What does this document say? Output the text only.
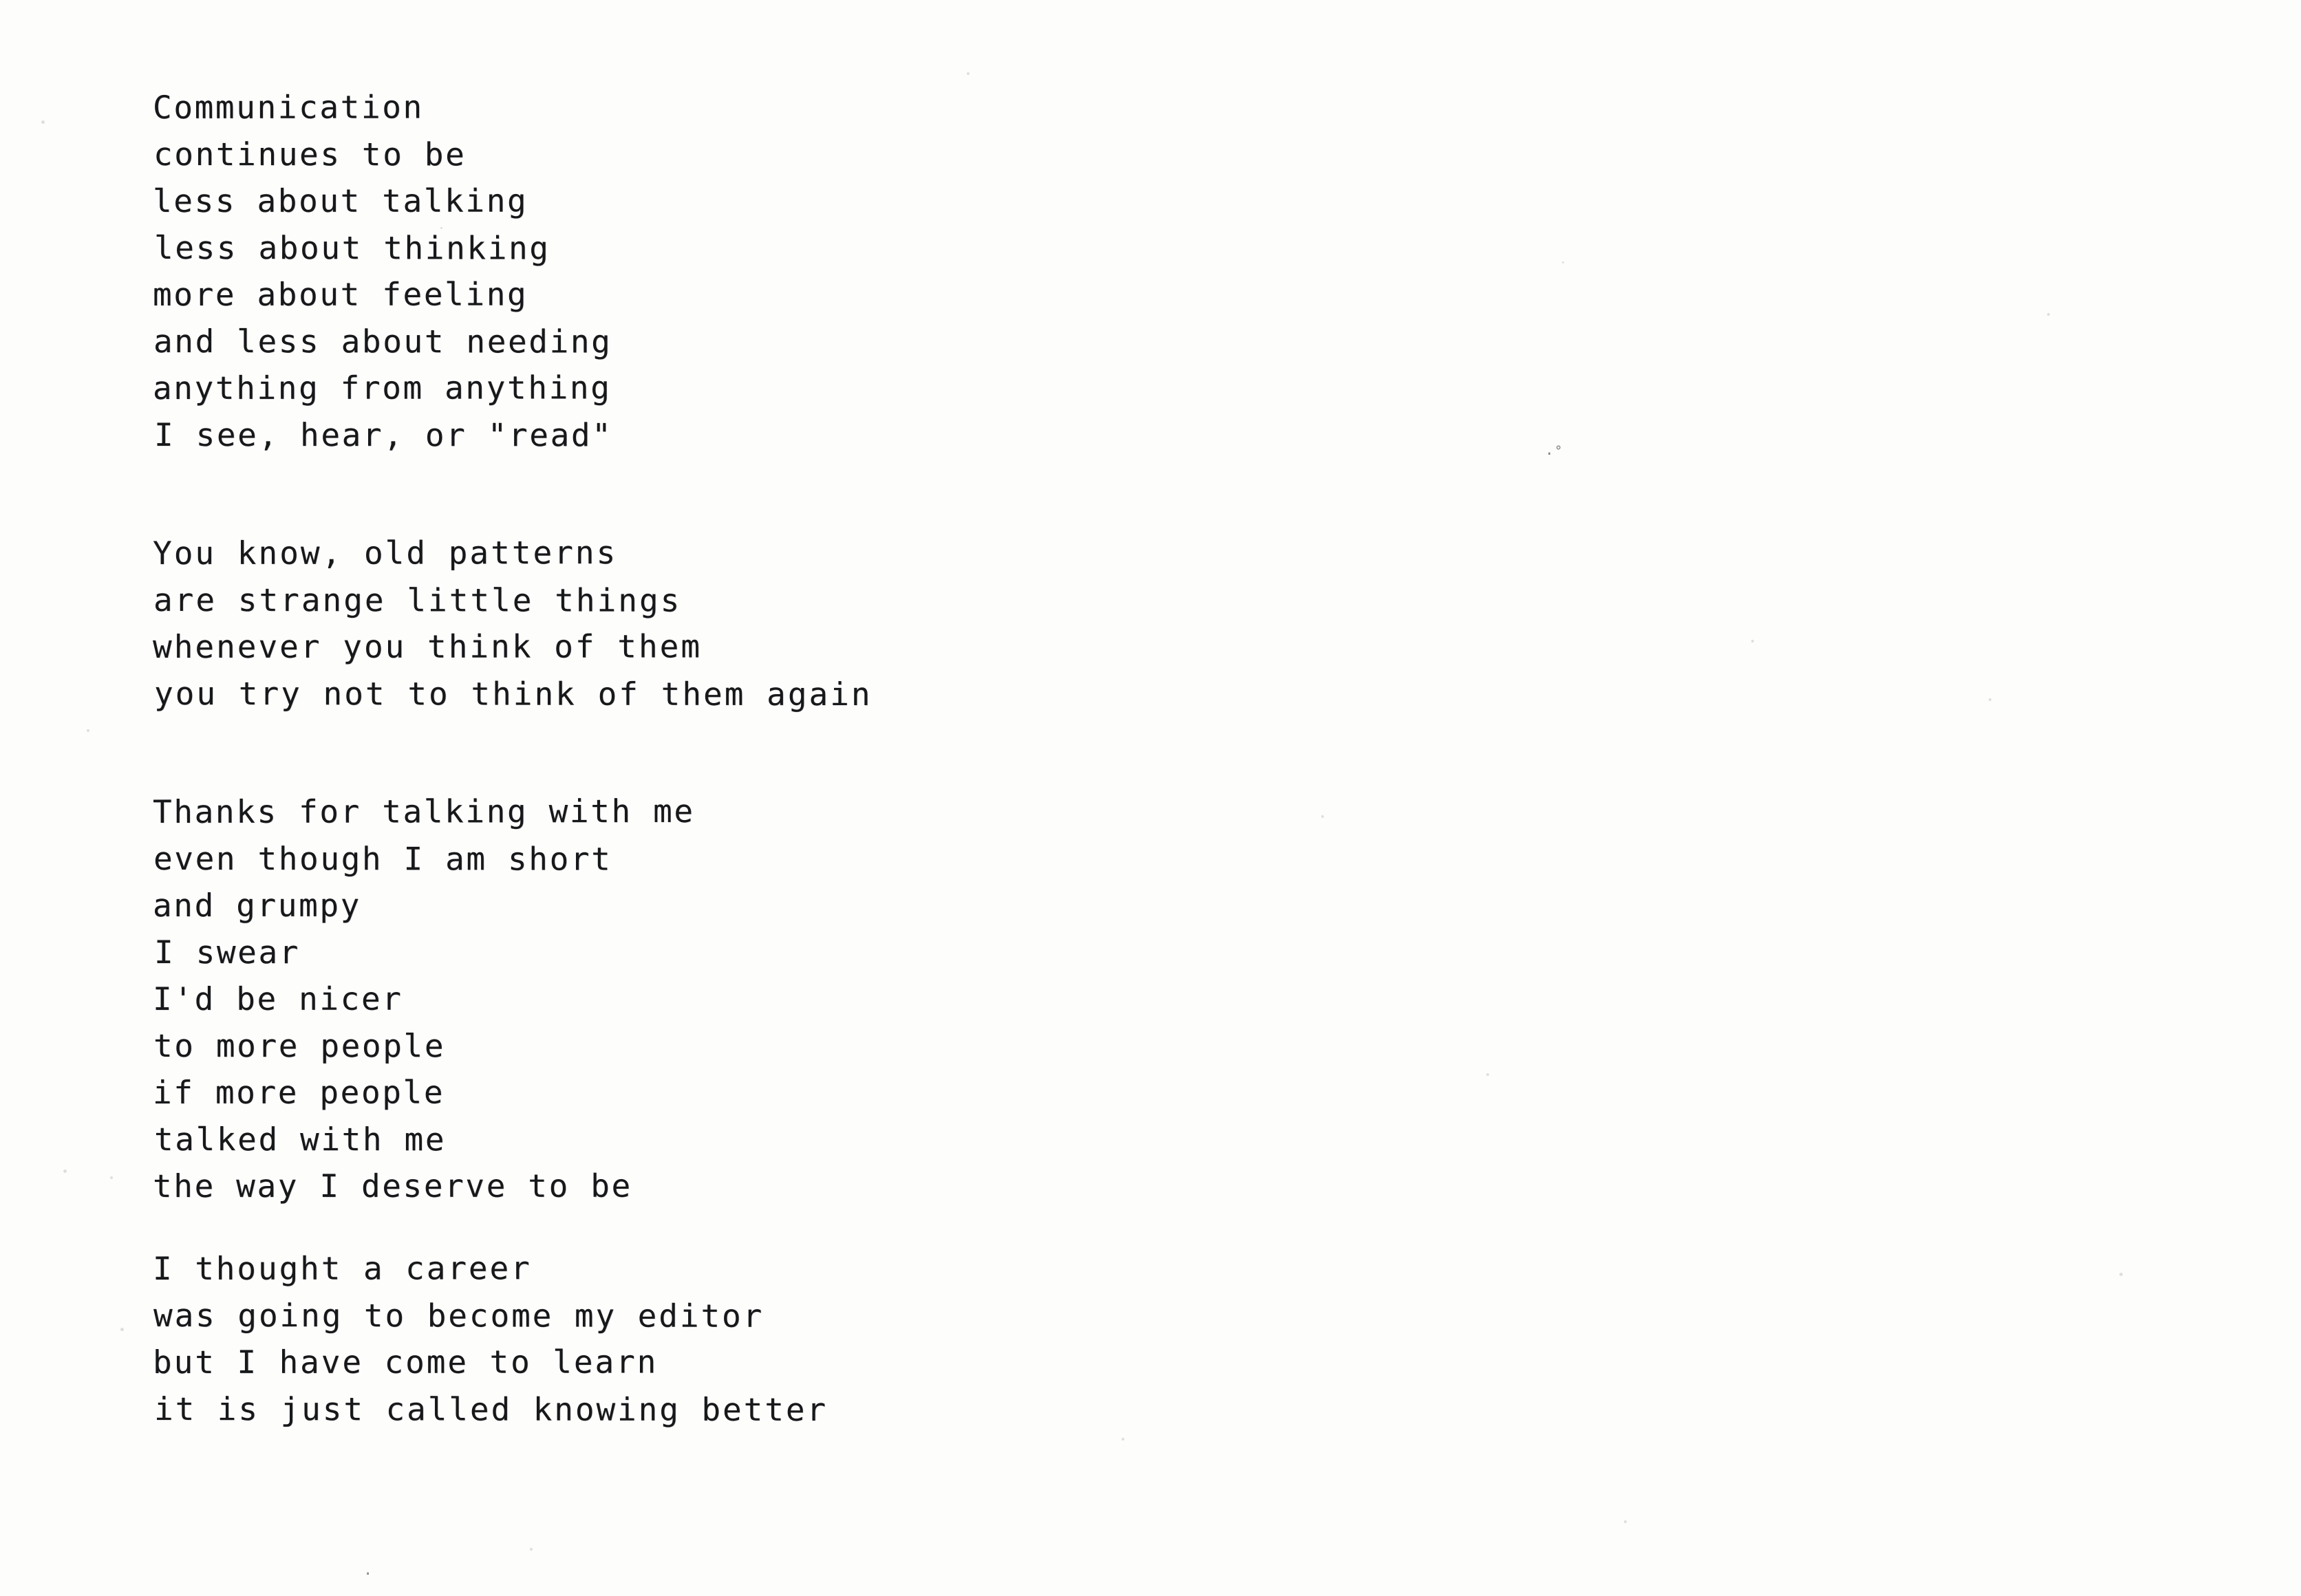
Communication
continues to be
less about talking
less about thinking
more about feeling
and less about needing
anything from anything
I see, hear, or "read"
You know, old patterns
are strange little things
whenever you think of them
you try not to think of them again
Thanks for talking with me
even though I am short
and grumpy
I swear
I'd be nicer
to more people
if more people
talked with me
the way I deserve to be
I thought a career
was going to become my editor
but I have come to learn
it is just called knowing better
·˚
·
